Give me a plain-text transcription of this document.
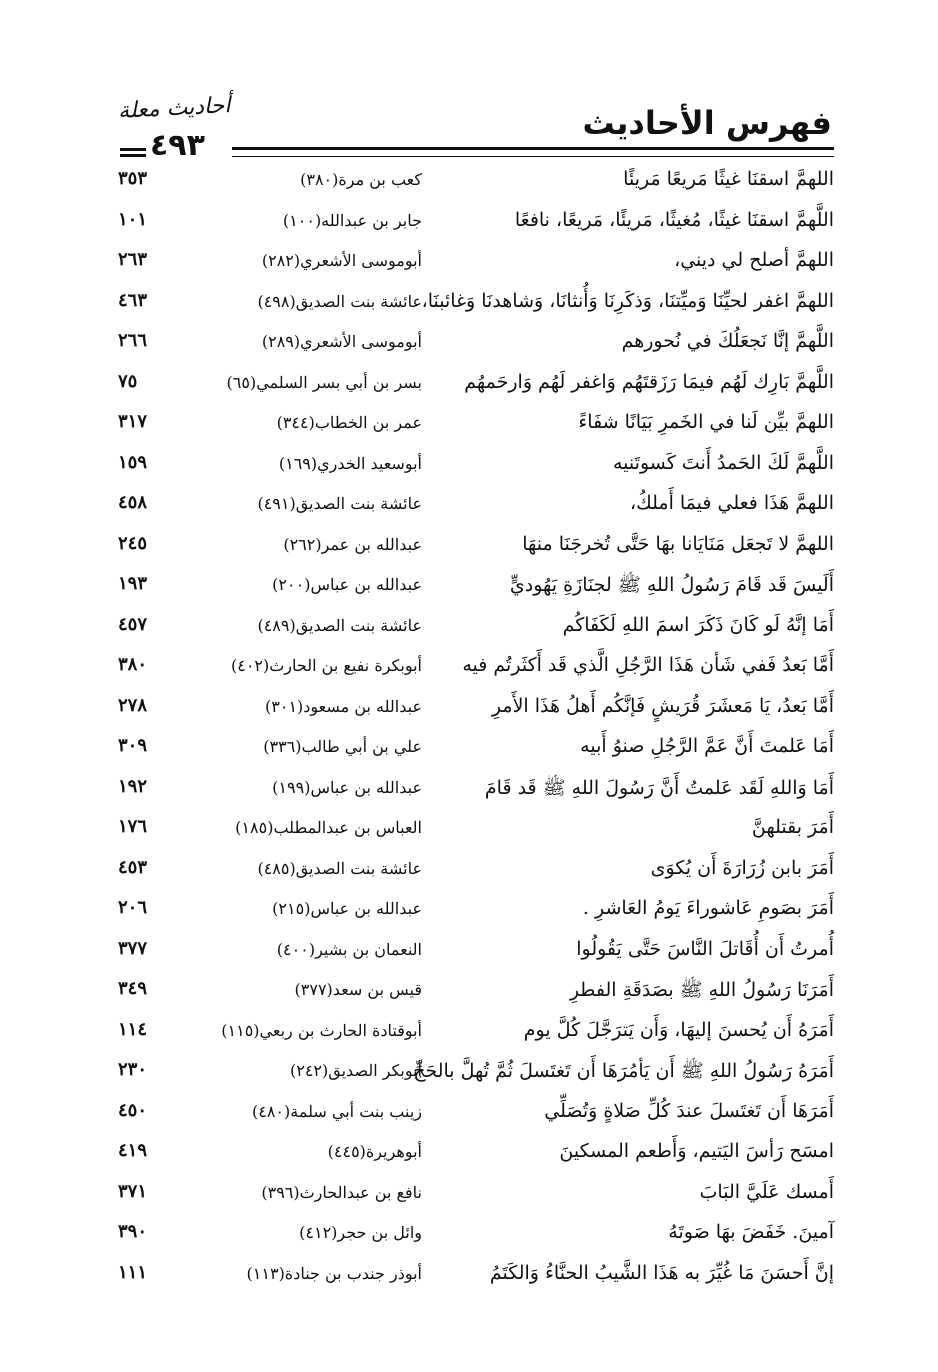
أحاديث معلة	فهرس الأحاديث
٤٩٣
اللهمَّ اسقنَا غيثًا مَريعًا مَريئًا
كعب بن مرة(٣٨٠)
٣٥٣
اللَّهمَّ اسقنَا غيثًا، مُغيثًا، مَريئًا، مَريعًا، نافعًا
جابر بن عبدالله(١٠٠)
١٠١
اللهمَّ أصلح لي ديني،
أبوموسى الأشعري(٢٨٢)
٢٦٣
اللهمَّ اغفر لحيِّنَا وَميِّتنَا، وَذكَرِنَا وَأُنثانَا، وَشاهدنَا وَغائبنَا،
عائشة بنت الصديق(٤٩٨)
٤٦٣
اللَّهمَّ إنَّا نَجعَلُكَ في نُحورهم
أبوموسى الأشعري(٢٨٩)
٢٦٦
اللَّهمَّ بَارِك لَهُم فيمَا رَزَقتَهُم وَاغفر لَهُم وَارحَمهُم
بسر بن أبي بسر السلمي(٦٥)
٧٥
اللهمَّ بيِّن لَنا في الخَمرِ بَيَانًا شفَاءً
عمر بن الخطاب(٣٤٤)
٣١٧
اللَّهمَّ لَكَ الحَمدُ أَنتَ كَسوتَنيه
أبوسعيد الخدري(١٦٩)
١٥٩
اللهمَّ هَذَا فعلي فيمَا أَملكُ،
عائشة بنت الصديق(٤٩١)
٤٥٨
اللهمَّ لا تَجعَل مَنَايَانا بهَا حَتَّى تُخرجَنَا منهَا
عبدالله بن عمر(٢٦٢)
٢٤٥
أَلَيسَ قَد قَامَ رَسُولُ اللهِ ﷺ لجنَازَةِ يَهُوديٍّ
عبدالله بن عباس(٢٠٠)
١٩٣
أَمَا إنَّهُ لَو كَانَ ذَكَرَ اسمَ اللهِ لَكَفَاكُم
عائشة بنت الصديق(٤٨٩)
٤٥٧
أَمَّا بَعدُ فَفي شَأن هَذَا الرَّجُلِ الَّذي قَد أَكثَرتُم فيه
أبوبكرة نفيع بن الحارث(٤٠٢)
٣٨٠
أَمَّا بَعدُ، يَا مَعشَرَ قُرَيشٍ فَإنَّكُم أَهلُ هَذَا الأَمرِ
عبدالله بن مسعود(٣٠١)
٢٧٨
أَمَا عَلمتَ أَنَّ عَمَّ الرَّجُلِ صنوُ أَبيه
علي بن أبي طالب(٣٣٦)
٣٠٩
أَمَا وَاللهِ لَقَد عَلمتُ أَنَّ رَسُولَ اللهِ ﷺ قَد قَامَ
عبدالله بن عباس(١٩٩)
١٩٢
أَمَرَ بقتلهنَّ
العباس بن عبدالمطلب(١٨٥)
١٧٦
أَمَرَ بابن زُرَارَةَ أَن يُكوَى
عائشة بنت الصديق(٤٨٥)
٤٥٣
أَمَرَ بصَومِ عَاشوراءَ يَومُ العَاشرِ .
عبدالله بن عباس(٢١٥)
٢٠٦
أُمرتُ أَن أُقَاتلَ النَّاسَ حَتَّى يَقُولُوا
النعمان بن بشير(٤٠٠)
٣٧٧
أَمَرَنَا رَسُولُ اللهِ ﷺ بصَدَقَةِ الفطرِ
قيس بن سعد(٣٧٧)
٣٤٩
أَمَرَهُ أَن يُحسنَ إليهَا، وَأَن يَترَجَّلَ كُلَّ يوم
أبوقتادة الحارث بن ربعي(١١٥)
١١٤
أَمَرَهُ رَسُولُ اللهِ ﷺ أَن يَأمُرَهَا أَن تَغتَسلَ ثُمَّ تُهلَّ بالحَجِّ
أبوبكر الصديق(٢٤٢)
٢٣٠
أَمَرَهَا أَن تَغتَسلَ عندَ كُلِّ صَلاةٍ وَتُصَلِّي
زينب بنت أبي سلمة(٤٨٠)
٤٥٠
امسَح رَأسَ اليَتيم، وَأَطعم المسكينَ
أبوهريرة(٤٤٥)
٤١٩
أَمسك عَلَيَّ البَابَ
نافع بن عبدالحارث(٣٩٦)
٣٧١
آمينَ. خَفَضَ بهَا صَوتَهُ
وائل بن حجر(٤١٢)
٣٩٠
إنَّ أَحسَنَ مَا غُيِّرَ به هَذَا الشَّيبُ الحنَّاءُ وَالكَتَمُ
أبوذر جندب بن جنادة(١١٣)
١١١
